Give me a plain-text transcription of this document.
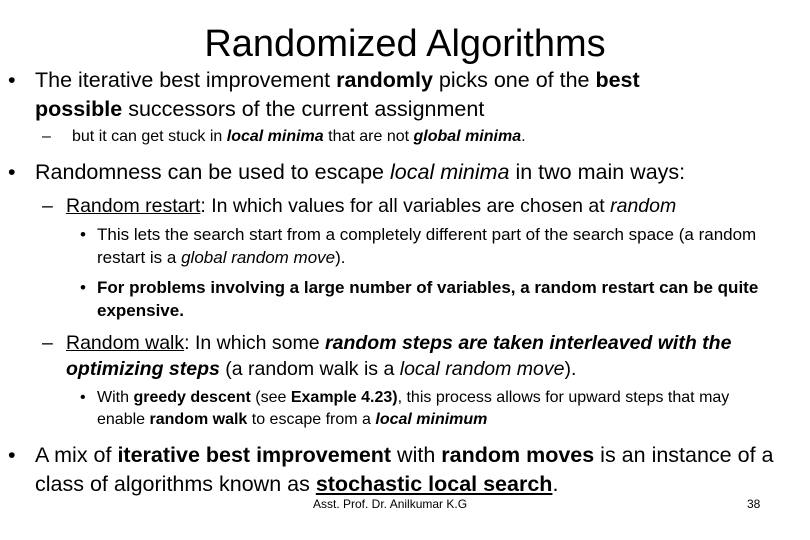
Randomized Algorithms
• The iterative best improvement randomly picks one of the best possible successors of the current assignment
– but it can get stuck in local minima that are not global minima.
• Randomness can be used to escape local minima in two main ways:
– Random restart: In which values for all variables are chosen at random
• This lets the search start from a completely different part of the search space (a random restart is a global random move).
• For problems involving a large number of variables, a random restart can be quite expensive.
– Random walk: In which some random steps are taken interleaved with the optimizing steps (a random walk is a local random move).
• With greedy descent (see Example 4.23), this process allows for upward steps that may enable random walk to escape from a local minimum
• A mix of iterative best improvement with random moves is an instance of a class of algorithms known as stochastic local search.
Asst. Prof. Dr. Anilkumar K.G	38
